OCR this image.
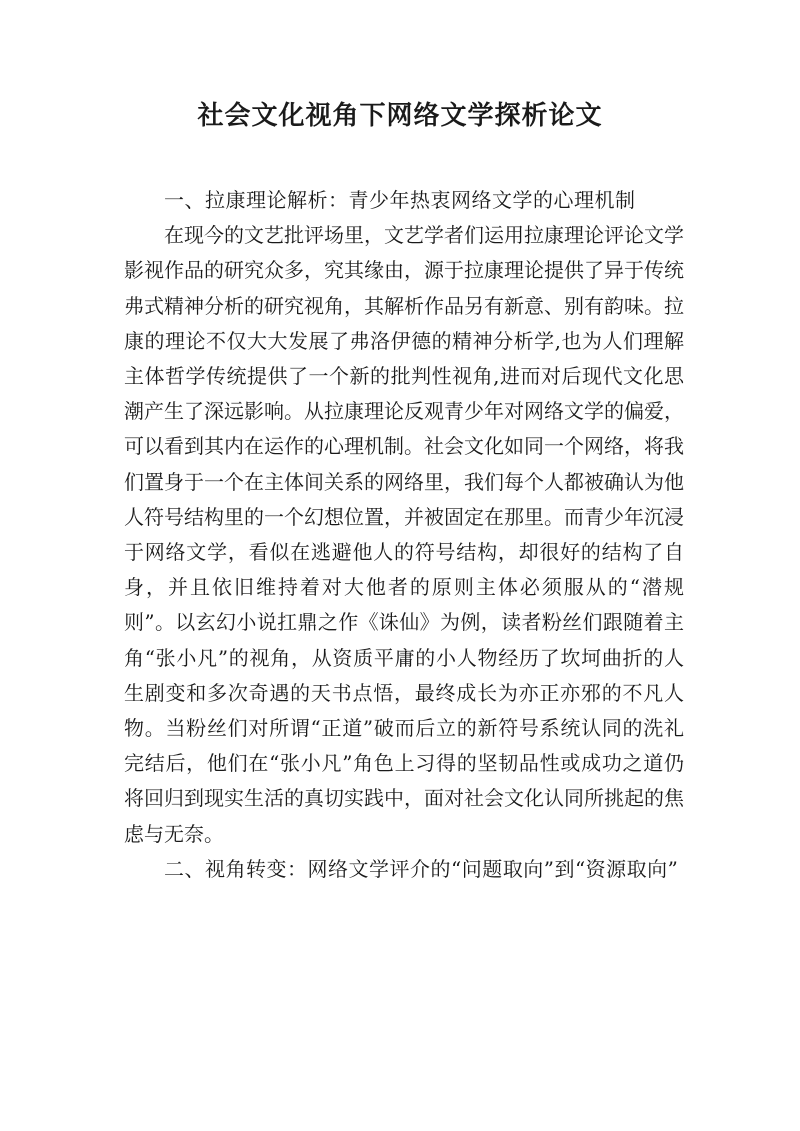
社会文化视角下网络文学探析论文

一、拉康理论解析：青少年热衷网络文学的心理机制

在现今的文艺批评场里，文艺学者们运用拉康理论评论文学影视作品的研究众多，究其缘由，源于拉康理论提供了异于传统弗式精神分析的研究视角，其解析作品另有新意、别有韵味。拉康的理论不仅大大发展了弗洛伊德的精神分析学,也为人们理解主体哲学传统提供了一个新的批判性视角,进而对后现代文化思潮产生了深远影响。从拉康理论反观青少年对网络文学的偏爱，可以看到其内在运作的心理机制。社会文化如同一个网络，将我们置身于一个在主体间关系的网络里，我们每个人都被确认为他人符号结构里的一个幻想位置，并被固定在那里。而青少年沉浸于网络文学，看似在逃避他人的符号结构，却很好的结构了自身，并且依旧维持着对大他者的原则主体必须服从的“潜规则”。以玄幻小说扛鼎之作《诛仙》为例，读者粉丝们跟随着主角“张小凡”的视角，从资质平庸的小人物经历了坎坷曲折的人生剧变和多次奇遇的天书点悟，最终成长为亦正亦邪的不凡人物。当粉丝们对所谓“正道”破而后立的新符号系统认同的洗礼完结后，他们在“张小凡”角色上习得的坚韧品性或成功之道仍将回归到现实生活的真切实践中，面对社会文化认同所挑起的焦虑与无奈。

二、视角转变：网络文学评介的“问题取向”到“资源取向”
